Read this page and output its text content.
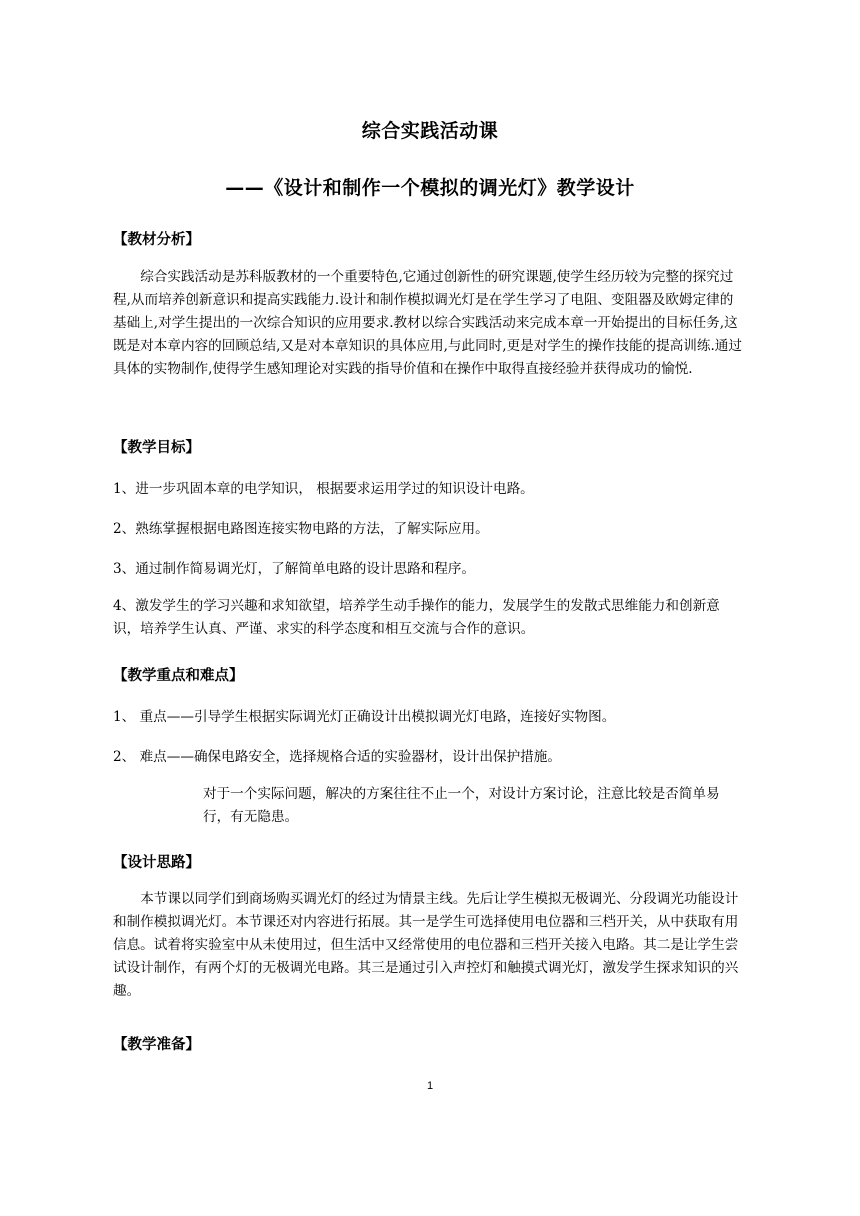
综合实践活动课
——《设计和制作一个模拟的调光灯》教学设计
【教材分析】

综合实践活动是苏科版教材的一个重要特色,它通过创新性的研究课题,使学生经历较为完整的探究过程,从而培养创新意识和提高实践能力.设计和制作模拟调光灯是在学生学习了电阻、变阻器及欧姆定律的基础上,对学生提出的一次综合知识的应用要求.教材以综合实践活动来完成本章一开始提出的目标任务,这既是对本章内容的回顾总结,又是对本章知识的具体应用,与此同时,更是对学生的操作技能的提高训练.通过具体的实物制作,使得学生感知理论对实践的指导价值和在操作中取得直接经验并获得成功的愉悦.

【教学目标】
1、进一步巩固本章的电学知识， 根据要求运用学过的知识设计电路。
2、熟练掌握根据电路图连接实物电路的方法，了解实际应用。
3、通过制作简易调光灯，了解简单电路的设计思路和程序。

4、激发学生的学习兴趣和求知欲望，培养学生动手操作的能力，发展学生的发散式思维能力和创新意识，培养学生认真、严谨、求实的科学态度和相互交流与合作的意识。

【教学重点和难点】
1、 重点——引导学生根据实际调光灯正确设计出模拟调光灯电路，连接好实物图。
2、 难点——确保电路安全，选择规格合适的实验器材，设计出保护措施。

对于一个实际问题，解决的方案往往不止一个，对设计方案讨论，注意比较是否简单易行，有无隐患。

【设计思路】

本节课以同学们到商场购买调光灯的经过为情景主线。先后让学生模拟无极调光、分段调光功能设计和制作模拟调光灯。本节课还对内容进行拓展。其一是学生可选择使用电位器和三档开关，从中获取有用信息。试着将实验室中从未使用过，但生活中又经常使用的电位器和三档开关接入电路。其二是让学生尝试设计制作，有两个灯的无极调光电路。其三是通过引入声控灯和触摸式调光灯，激发学生探求知识的兴趣。

【教学准备】
1
